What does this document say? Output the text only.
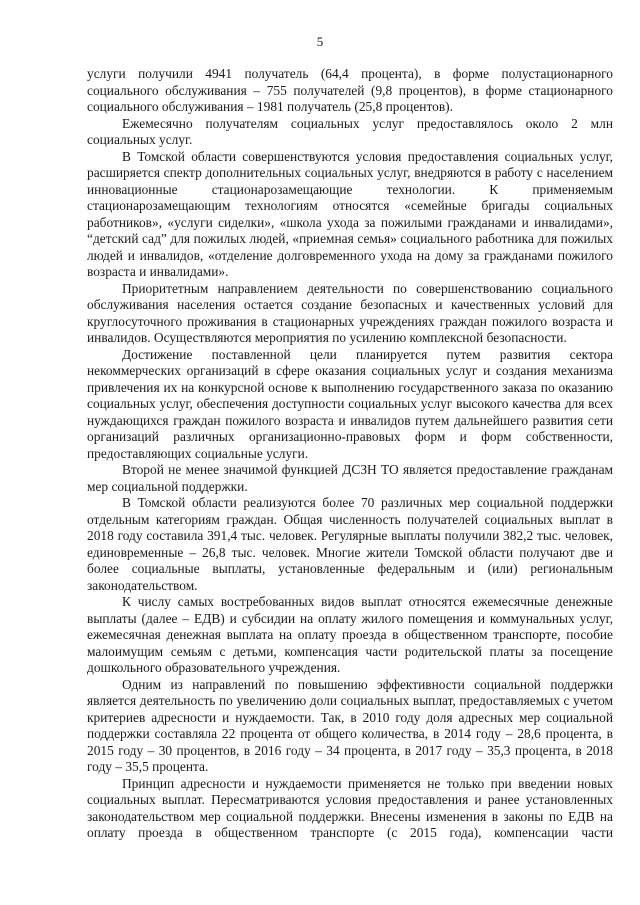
5

услуги получили 4941 получатель (64,4 процента), в форме полустационарного социального обслуживания – 755 получателей (9,8 процентов), в форме стационарного социального обслуживания – 1981 получатель (25,8 процентов).

Ежемесячно получателям социальных услуг предоставлялось около 2 млн социальных услуг.

В Томской области совершенствуются условия предоставления социальных услуг, расширяется спектр дополнительных социальных услуг, внедряются в работу с населением инновационные стационарозамещающие технологии. К применяемым стационарозамещающим технологиям относятся «семейные бригады социальных работников», «услуги сиделки», «школа ухода за пожилыми гражданами и инвалидами», “детский сад” для пожилых людей, «приемная семья» социального работника для пожилых людей и инвалидов, «отделение долговременного ухода на дому за гражданами пожилого возраста и инвалидами».

Приоритетным направлением деятельности по совершенствованию социального обслуживания населения остается создание безопасных и качественных условий для круглосуточного проживания в стационарных учреждениях граждан пожилого возраста и инвалидов. Осуществляются мероприятия по усилению комплексной безопасности.

Достижение поставленной цели планируется путем развития сектора некоммерческих организаций в сфере оказания социальных услуг и создания механизма привлечения их на конкурсной основе к выполнению государственного заказа по оказанию социальных услуг, обеспечения доступности социальных услуг высокого качества для всех нуждающихся граждан пожилого возраста и инвалидов путем дальнейшего развития сети организаций различных организационно-правовых форм и форм собственности, предоставляющих социальные услуги.

Второй не менее значимой функцией ДСЗН ТО является предоставление гражданам мер социальной поддержки.

В Томской области реализуются более 70 различных мер социальной поддержки отдельным категориям граждан. Общая численность получателей социальных выплат в 2018 году составила 391,4 тыс. человек. Регулярные выплаты получили 382,2 тыс. человек, единовременные – 26,8 тыс. человек. Многие жители Томской области получают две и более социальные выплаты, установленные федеральным и (или) региональным законодательством.

К числу самых востребованных видов выплат относятся ежемесячные денежные выплаты (далее – ЕДВ) и субсидии на оплату жилого помещения и коммунальных услуг, ежемесячная денежная выплата на оплату проезда в общественном транспорте, пособие малоимущим семьям с детьми, компенсация части родительской платы за посещение дошкольного образовательного учреждения.

Одним из направлений по повышению эффективности социальной поддержки является деятельность по увеличению доли социальных выплат, предоставляемых с учетом критериев адресности и нуждаемости. Так, в 2010 году доля адресных мер социальной поддержки составляла 22 процента от общего количества, в 2014 году – 28,6 процента, в 2015 году – 30 процентов, в 2016 году – 34 процента, в 2017 году – 35,3 процента, в 2018 году – 35,5 процента.

Принцип адресности и нуждаемости применяется не только при введении новых социальных выплат. Пересматриваются условия предоставления и ранее установленных законодательством мер социальной поддержки. Внесены изменения в законы по ЕДВ на оплату проезда в общественном транспорте (с 2015 года), компенсации части
